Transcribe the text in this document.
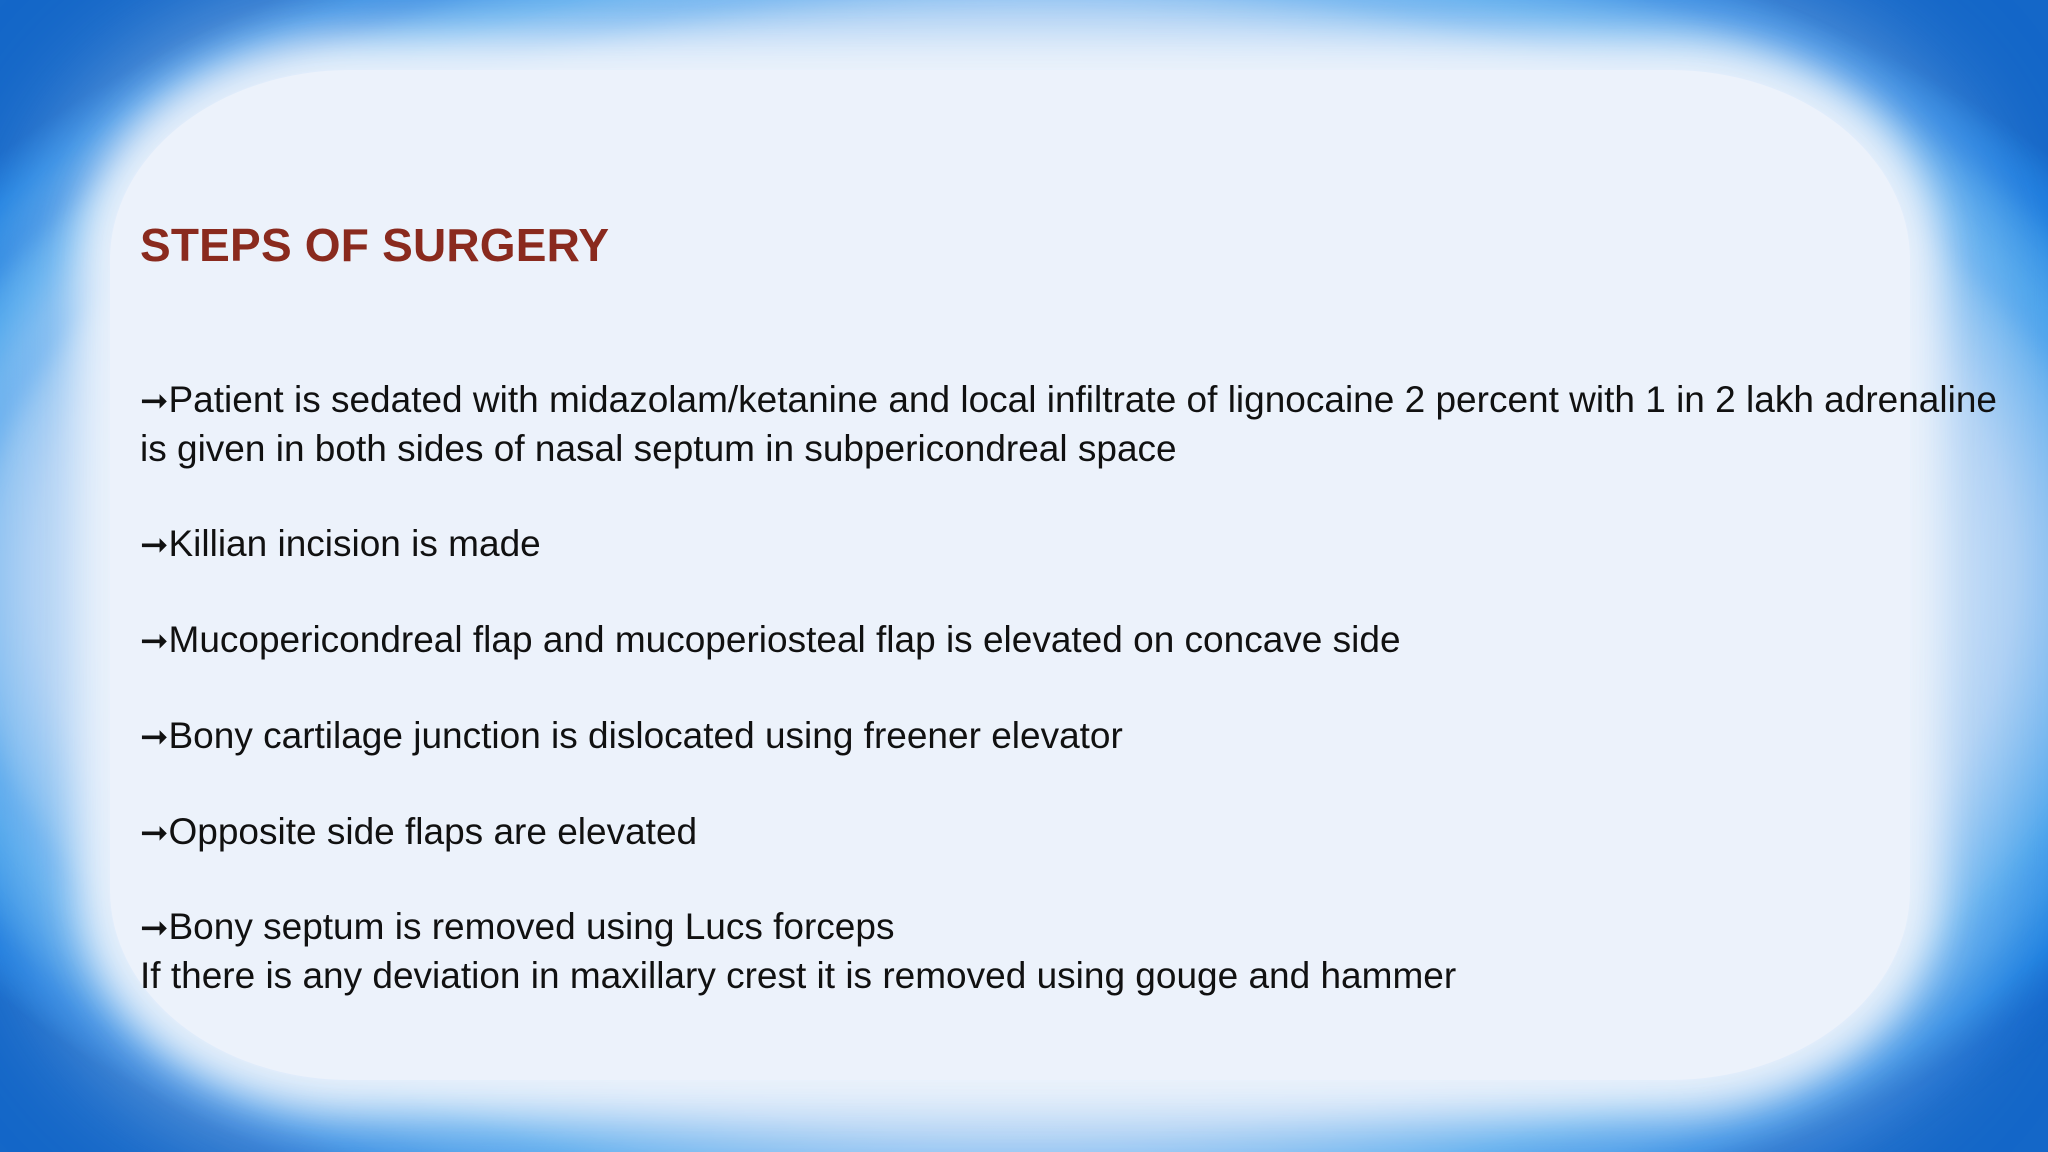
STEPS OF SURGERY
➞Patient is sedated with midazolam/ketanine and local infiltrate of lignocaine 2 percent with 1 in 2 lakh adrenaline
is given in both sides of nasal septum in subpericondreal space
➞Killian incision is made
➞Mucopericondreal flap and mucoperiosteal flap is elevated on concave side
➞Bony cartilage junction is dislocated using freener elevator
➞Opposite side flaps are elevated
➞Bony septum is removed using Lucs forceps
If there is any deviation in maxillary crest it is removed using gouge and hammer
